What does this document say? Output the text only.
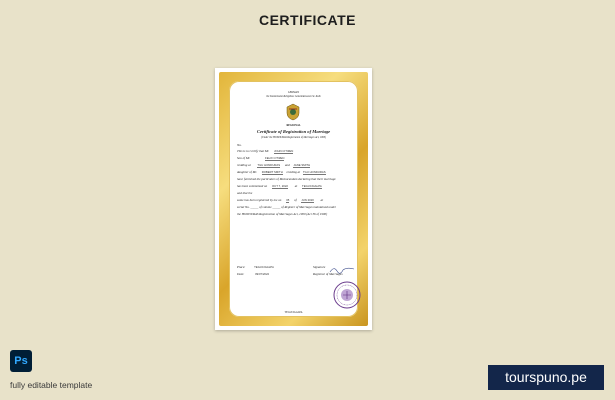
CERTIFICATE
GERMAN
the Kommission Religiöses Gemeindewesen St. Kath
REGIONAL
Certificate of Registration of Marriage
(Under the HONDURAS Registration of Marriages Act, 1900)
No.
This is to Certify that Mr. JOHN CITIZEN
Son of Mr.	FELIX CITIZEN
residing at TGU HONDURAS and JANE SMITH
daughter of Mr. ROBERT SMITH residing at TGU HONDURAS
have furnished the particulars of Memorandum declaring that their marriage
has been solemnized on OCT 7, 2022 at TEGUCIGALPA
and that the
same has been registered by me on 05 of JUN 2020 at
serial No. _____ of volume _____ of Register of Marriages maintained under
the HONDURAS Registration of Marriages Act, 1900 (Act 36 of 1900)
Place:	TEGUCIGALPA
Date:	09/07/2022
Signature
Registrar of Marriages
TEGUCIGALPA
Ps
fully editable template	tourspuno.pe
